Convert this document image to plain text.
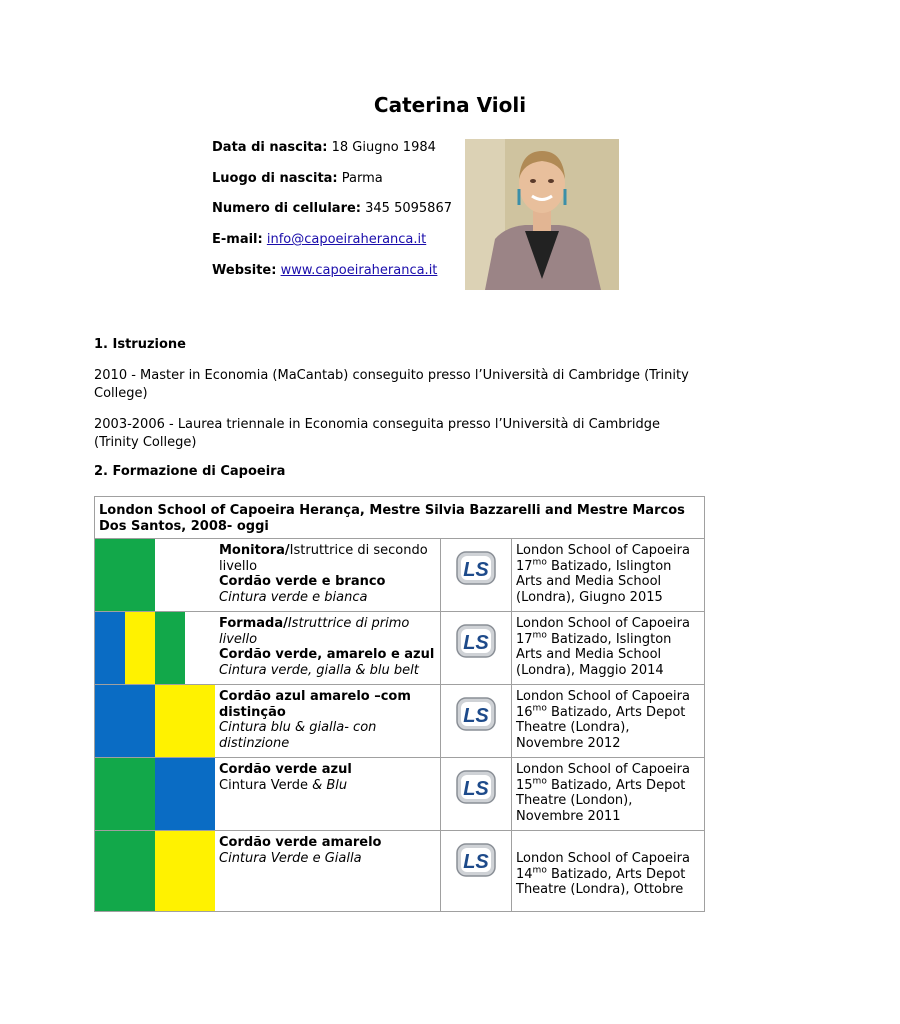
Caterina Violi
Data di nascita: 18 Giugno 1984
Luogo di nascita: Parma
Numero di cellulare: 345 5095867
E-mail: info@capoeiraheranca.it
Website: www.capoeiraheranca.it
1. Istruzione
2010 - Master in Economia (MaCantab) conseguito presso l’Università di Cambridge (Trinity College)
2003-2006 - Laurea triennale in Economia conseguita presso l’Università di Cambridge (Trinity College)
2. Formazione di Capoeira
London School of Capoeira Herança, Mestre Silvia Bazzarelli and Mestre Marcos Dos Santos, 2008- oggi			

	Monitora/Istruttrice di secondo livello
Cordão verde e branco
Cintura verde e bianca	LS	London School of Capoeira $17^{mo}$ Batizado, Islington Arts and Media School (Londra), Giugno 2015

	Formada/Istruttrice di primo livello
Cordão verde, amarelo e azul
Cintura verde, gialla & blu belt	LS	London School of Capoeira $17^{mo}$ Batizado, Islington Arts and Media School (Londra), Maggio 2014

	Cordão azul amarelo –com distinção
Cintura blu & gialla- con distinzione	LS	London School of Capoeira $16^{mo}$ Batizado, Arts Depot Theatre (Londra), Novembre 2012

	Cordão verde azul
Cintura Verde & Blu	LS	London School of Capoeira $15^{mo}$ Batizado, Arts Depot Theatre (London), Novembre 2011

	Cordão verde amarelo
Cintura Verde e Gialla	LS	London School of Capoeira $14^{mo}$ Batizado, Arts Depot Theatre (Londra), Ottobre
